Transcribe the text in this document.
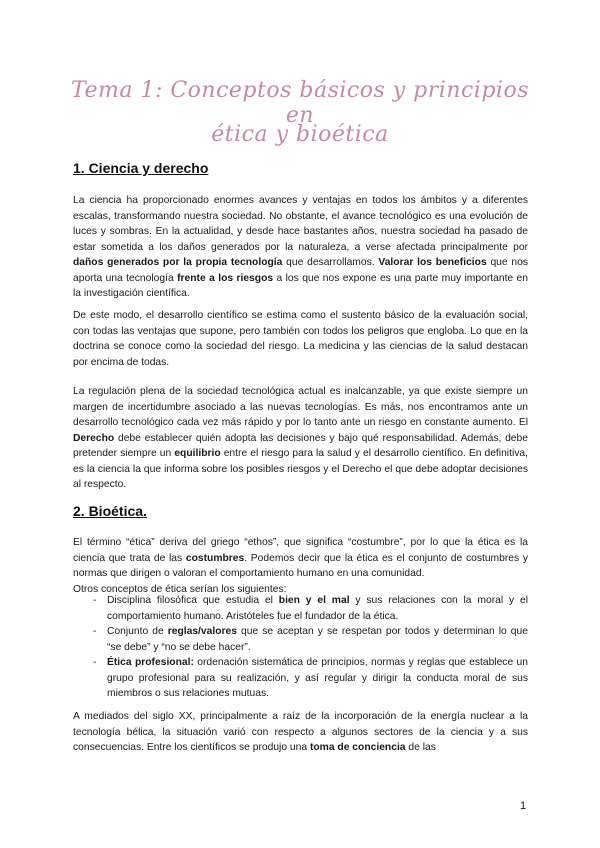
Tema 1: Conceptos básicos y principios en
ética y bioética
1. Ciencia y derecho

La ciencia ha proporcionado enormes avances y ventajas en todos los ámbitos y a diferentes escalas, transformando nuestra sociedad. No obstante, el avance tecnológico es una evolución de luces y sombras. En la actualidad, y desde hace bastantes años, nuestra sociedad ha pasado de estar sometida a los daños generados por la naturaleza, a verse afectada principalmente por daños generados por la propia tecnología que desarrollamos. Valorar los beneficios que nos aporta una tecnología frente a los riesgos a los que nos expone es una parte muy importante en la investigación científica.

De este modo, el desarrollo científico se estima como el sustento básico de la evaluación social, con todas las ventajas que supone, pero también con todos los peligros que engloba. Lo que en la doctrina se conoce como la sociedad del riesgo. La medicina y las ciencias de la salud destacan por encima de todas.

La regulación plena de la sociedad tecnológica actual es inalcanzable, ya que existe siempre un margen de incertidumbre asociado a las nuevas tecnologías. Es más, nos encontramos ante un desarrollo tecnológico cada vez más rápido y por lo tanto ante un riesgo en constante aumento. El Derecho debe establecer quién adopta las decisiones y bajo qué responsabilidad. Además, debe pretender siempre un equilibrio entre el riesgo para la salud y el desarrollo científico. En definitiva, es la ciencia la que informa sobre los posibles riesgos y el Derecho el que debe adoptar decisiones al respecto.

2. Bioética.

El término “ética” deriva del griego “ethos”, que significa “costumbre”, por lo que la ética es la ciencia que trata de las costumbres. Podemos decir que la ética es el conjunto de costumbres y normas que dirigen o valoran el comportamiento humano en una comunidad.
Otros conceptos de ética serían los siguientes:

- Disciplina filosófica que estudia el bien y el mal y sus relaciones con la moral y el comportamiento humano. Aristóteles fue el fundador de la ética.
- Conjunto de reglas/valores que se aceptan y se respetan por todos y determinan lo que “se debe” y “no se debe hacer”.
- Ética profesional: ordenación sistemática de principios, normas y reglas que establece un grupo profesional para su realización, y así regular y dirigir la conducta moral de sus miembros o sus relaciones mutuas.

A mediados del siglo XX, principalmente a raíz de la incorporación de la energía nuclear a la tecnología bélica, la situación varió con respecto a algunos sectores de la ciencia y a sus consecuencias. Entre los científicos se produjo una toma de conciencia de las

1
